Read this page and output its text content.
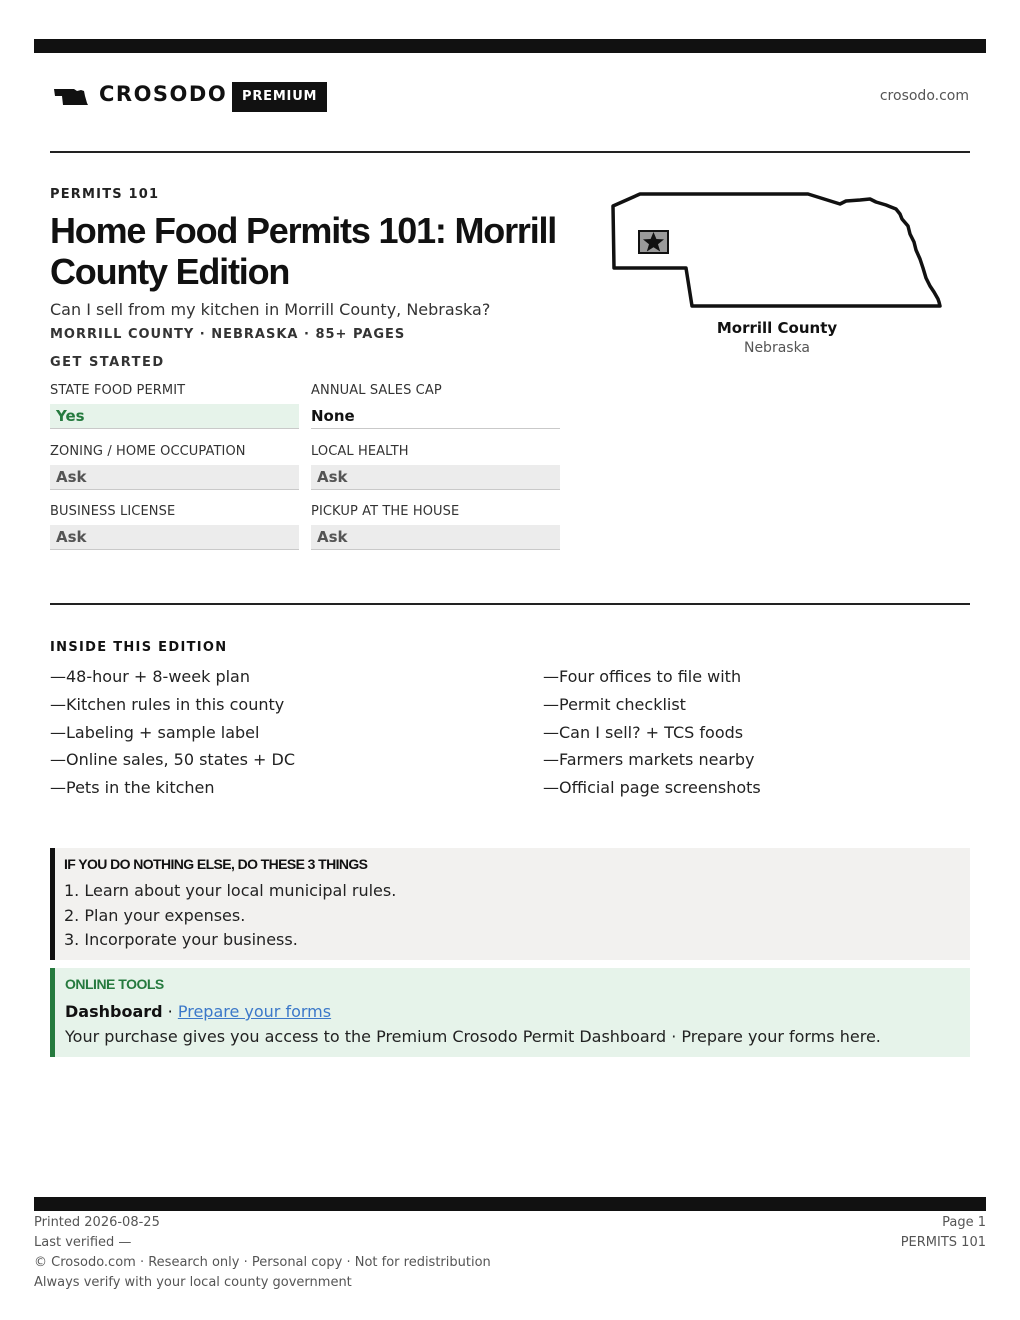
CROSODO	PREMIUM	crosodo.com
PERMITS 101
Home Food Permits 101: Morrill County Edition

Can I sell from my kitchen in Morrill County, Nebraska?

MORRILL COUNTY · NEBRASKA · 85+ PAGES
GET STARTED
STATE FOOD PERMIT
Yes
ANNUAL SALES CAP
None
ZONING / HOME OCCUPATION
Ask
LOCAL HEALTH
Ask
BUSINESS LICENSE
Ask
PICKUP AT THE HOUSE
Ask
Morrill County
Nebraska
INSIDE THIS EDITION
—48-hour + 8-week plan
—Kitchen rules in this county
—Labeling + sample label
—Online sales, 50 states + DC
—Pets in the kitchen
—Four offices to file with
—Permit checklist
—Can I sell? + TCS foods
—Farmers markets nearby
—Official page screenshots
IF YOU DO NOTHING ELSE, DO THESE 3 THINGS
1. Learn about your local municipal rules.
2. Plan your expenses.
3. Incorporate your business.
ONLINE TOOLS
Dashboard · Prepare your forms
Your purchase gives you access to the Premium Crosodo Permit Dashboard · Prepare your forms here.
Printed 2026-08-25
Last verified —
© Crosodo.com · Research only · Personal copy · Not for redistribution
Always verify with your local county government
Page 1
PERMITS 101
